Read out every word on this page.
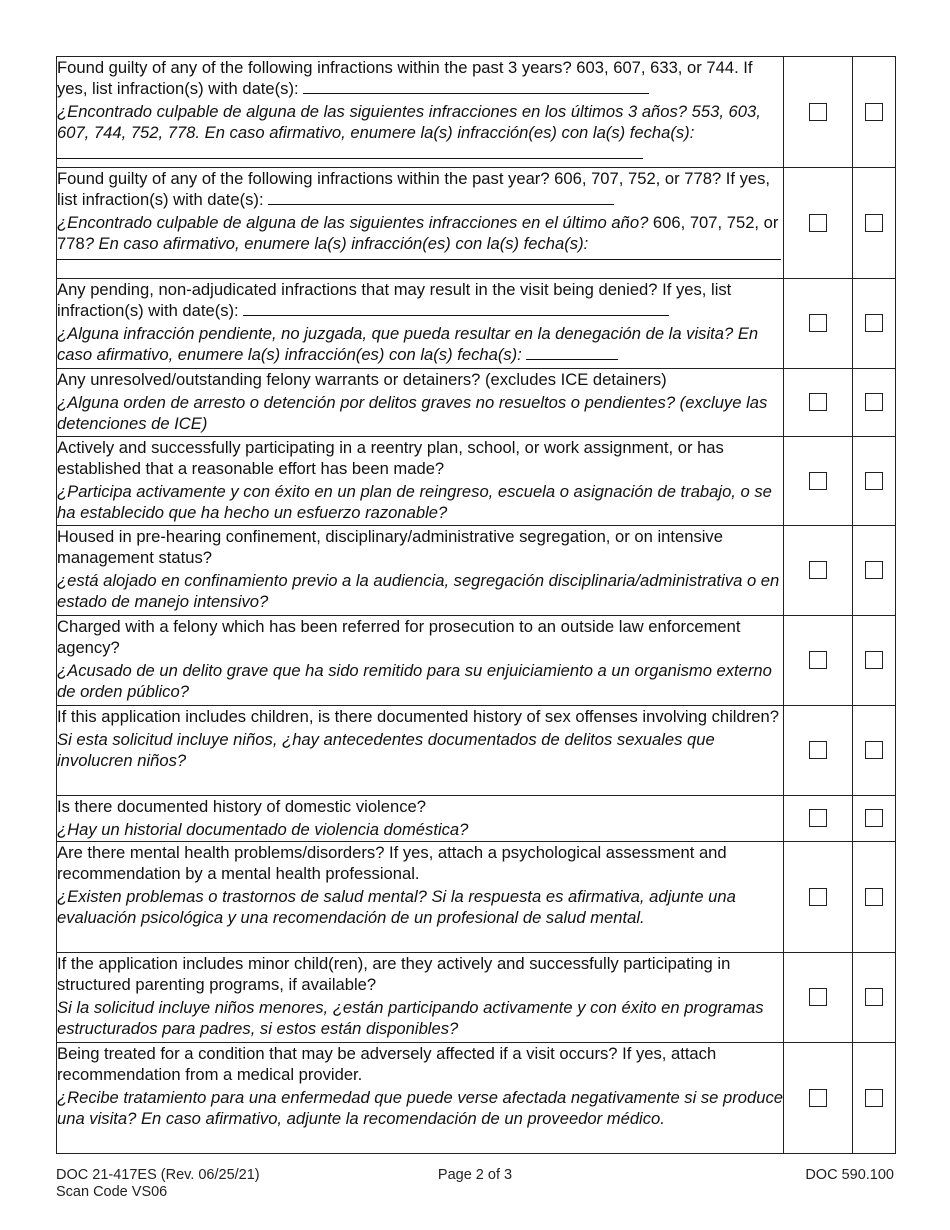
Found guilty of any of the following infractions within the past 3 years? 603, 607, 633, or 744. If yes, list infraction(s) with date(s):

¿Encontrado culpable de alguna de las siguientes infracciones en los últimos 3 años? 553, 603, 607, 744, 752, 778. En caso afirmativo, enumere la(s) infracción(es) con la(s) fecha(s):		

Found guilty of any of the following infractions within the past year? 606, 707, 752, or 778? If yes, list infraction(s) with date(s):

¿Encontrado culpable de alguna de las siguientes infracciones en el último año? 606, 707, 752, or 778? En caso afirmativo, enumere la(s) infracción(es) con la(s) fecha(s):		

Any pending, non-adjudicated infractions that may result in the visit being denied? If yes, list infraction(s) with date(s):

¿Alguna infracción pendiente, no juzgada, que pueda resultar en la denegación de la visita? En caso afirmativo, enumere la(s) infracción(es) con la(s) fecha(s):		

Any unresolved/outstanding felony warrants or detainers? (excludes ICE detainers)

¿Alguna orden de arresto o detención por delitos graves no resueltos o pendientes? (excluye las detenciones de ICE)		

Actively and successfully participating in a reentry plan, school, or work assignment, or has established that a reasonable effort has been made?

¿Participa activamente y con éxito en un plan de reingreso, escuela o asignación de trabajo, o se ha establecido que ha hecho un esfuerzo razonable?		

Housed in pre-hearing confinement, disciplinary/administrative segregation, or on intensive management status?

¿está alojado en confinamiento previo a la audiencia, segregación disciplinaria/administrativa o en estado de manejo intensivo?		

Charged with a felony which has been referred for prosecution to an outside law enforcement agency?

¿Acusado de un delito grave que ha sido remitido para su enjuiciamiento a un organismo externo de orden público?		

If this application includes children, is there documented history of sex offenses involving children?

Si esta solicitud incluye niños, ¿hay antecedentes documentados de delitos sexuales que involucren niños?		

Is there documented history of domestic violence?

¿Hay un historial documentado de violencia doméstica?		

Are there mental health problems/disorders? If yes, attach a psychological assessment and recommendation by a mental health professional.

¿Existen problemas o trastornos de salud mental? Si la respuesta es afirmativa, adjunte una evaluación psicológica y una recomendación de un profesional de salud mental.		

If the application includes minor child(ren), are they actively and successfully participating in structured parenting programs, if available?

Si la solicitud incluye niños menores, ¿están participando activamente y con éxito en programas estructurados para padres, si estos están disponibles?		

Being treated for a condition that may be adversely affected if a visit occurs? If yes, attach recommendation from a medical provider.

¿Recibe tratamiento para una enfermedad que puede verse afectada negativamente si se produce una visita? En caso afirmativo, adjunte la recomendación de un proveedor médico.		

DOC 21-417ES (Rev. 06/25/21)
Scan Code VS06
Page 2 of 3	DOC 590.100
